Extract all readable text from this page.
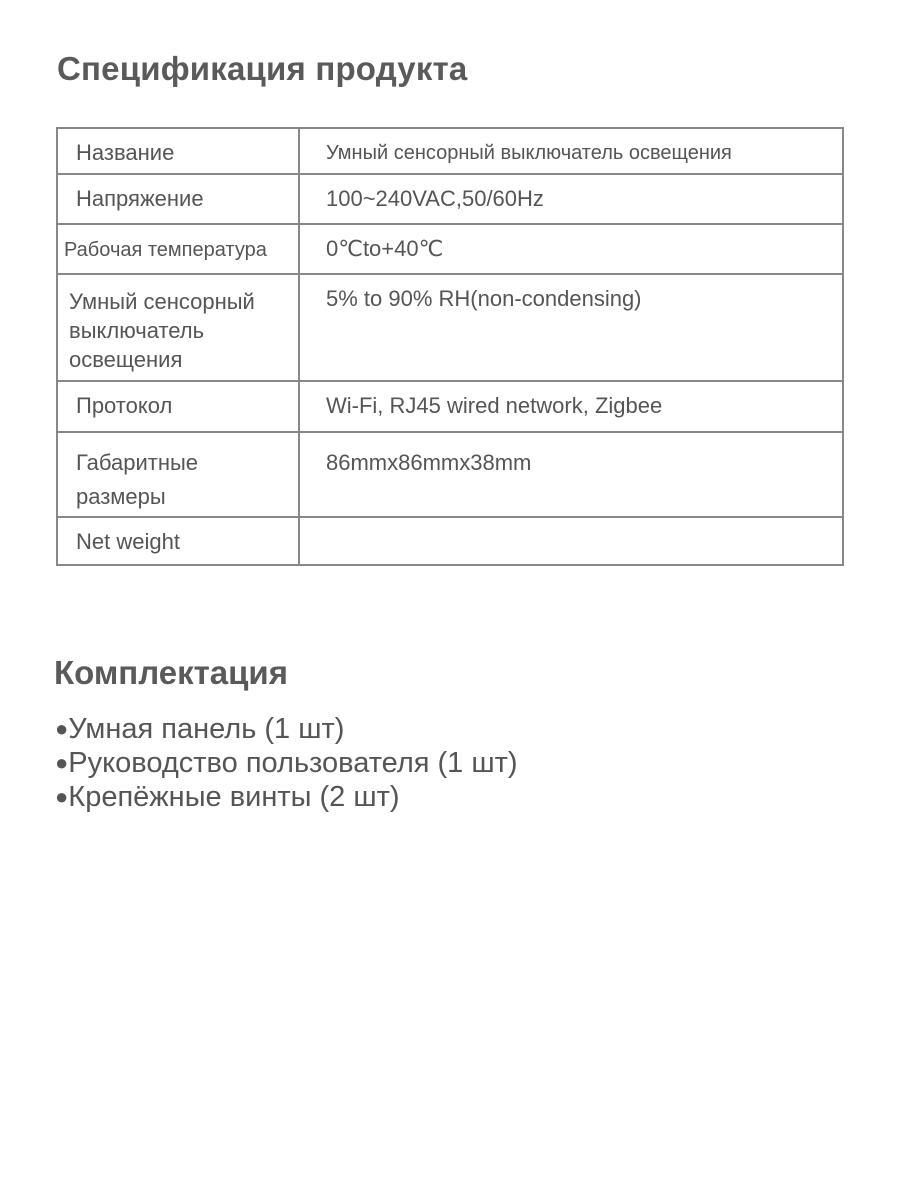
Спецификация продукта
Название	Умный сенсорный выключатель освещения

Напряжение	100~240VAC,50/60Hz

Рабочая температура	0℃to+40℃

Умный сенсорный выключатель освещения	5% to 90% RH(non-condensing)

Протокол	Wi-Fi, RJ45 wired network, Zigbee

Габаритные размеры	86mmx86mmx38mm

Net weight	

Комплектация
●Умная панель (1 шт)
●Руководство пользователя (1 шт)
●Крепёжные винты (2 шт)
